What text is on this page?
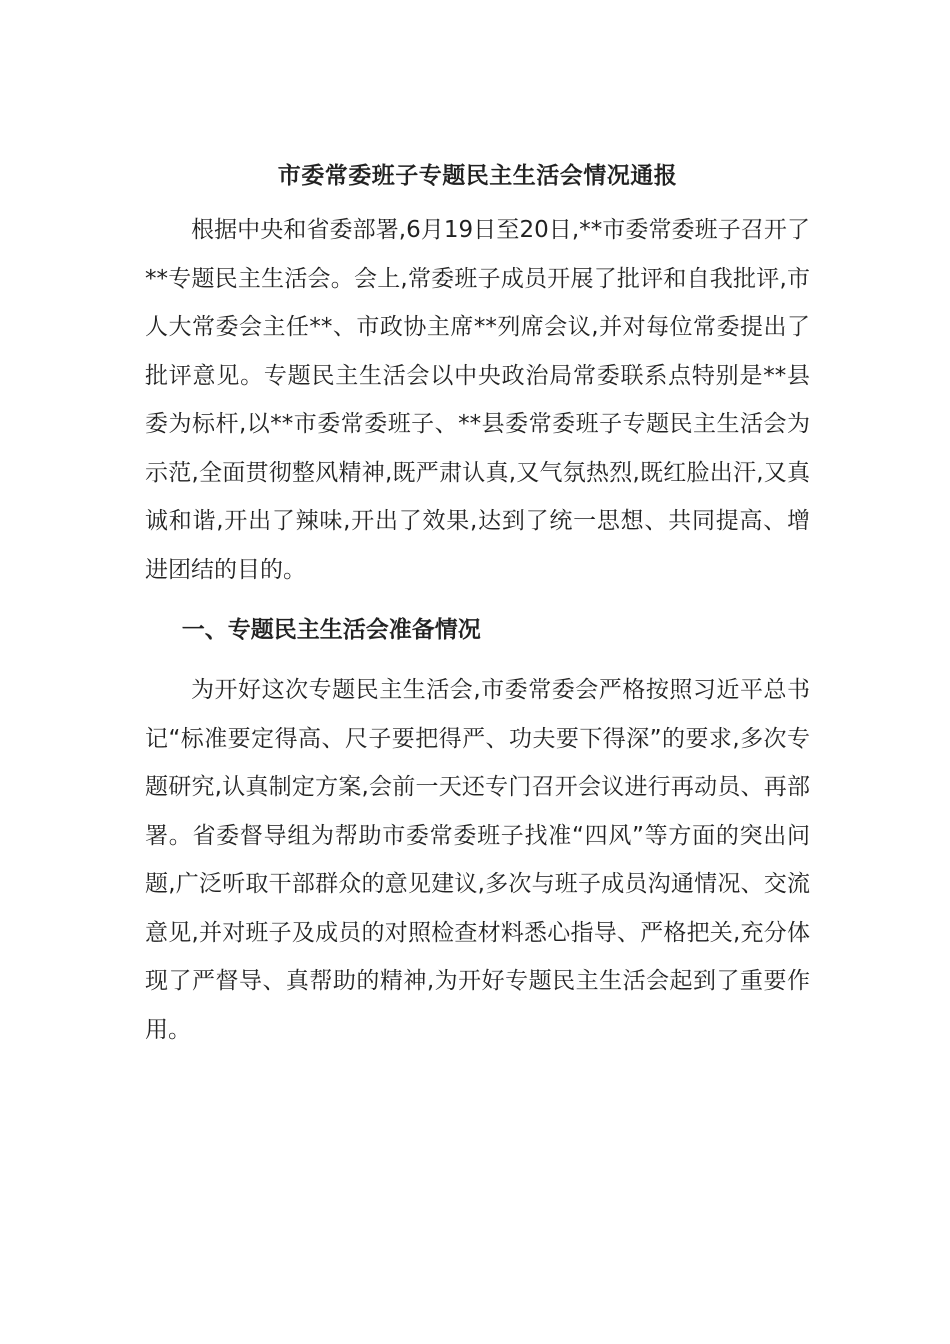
市委常委班子专题民主生活会情况通报

根据中央和省委部署,6月19日至20日,**市委常委班子召开了**专题民主生活会。会上,常委班子成员开展了批评和自我批评,市人大常委会主任**、市政协主席**列席会议,并对每位常委提出了批评意见。专题民主生活会以中央政治局常委联系点特别是**县委为标杆,以**市委常委班子、**县委常委班子专题民主生活会为示范,全面贯彻整风精神,既严肃认真,又气氛热烈,既红脸出汗,又真诚和谐,开出了辣味,开出了效果,达到了统一思想、共同提高、增进团结的目的。

一、专题民主生活会准备情况

为开好这次专题民主生活会,市委常委会严格按照习近平总书记“标准要定得高、尺子要把得严、功夫要下得深”的要求,多次专题研究,认真制定方案,会前一天还专门召开会议进行再动员、再部署。省委督导组为帮助市委常委班子找准“四风”等方面的突出问题,广泛听取干部群众的意见建议,多次与班子成员沟通情况、交流意见,并对班子及成员的对照检查材料悉心指导、严格把关,充分体现了严督导、真帮助的精神,为开好专题民主生活会起到了重要作用。
